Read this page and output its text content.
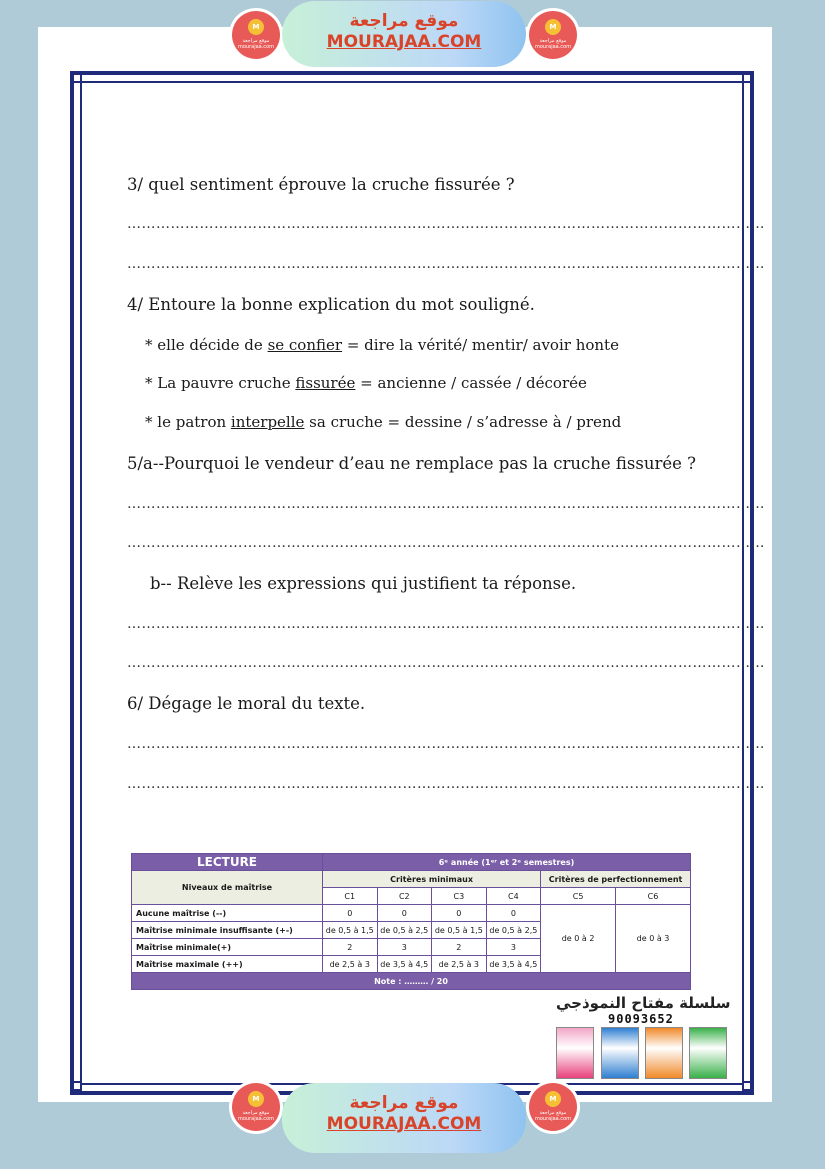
M
موقع مراجعة mourajaa.com
موقع مراجعة
MOURAJAA.COM
M
موقع مراجعة mourajaa.com
3/ quel sentiment éprouve la cruche fissurée ?
……………………………………………………………………………………………………………………
……………………………………………………………………………………………………………………
4/ Entoure la bonne explication du mot souligné.
* elle décide de se confier = dire la vérité/ mentir/ avoir honte
* La pauvre cruche fissurée = ancienne / cassée / décorée
* le patron interpelle sa cruche = dessine / s’adresse à / prend
5/a--Pourquoi le vendeur d’eau ne remplace pas la cruche fissurée ?
……………………………………………………………………………………………………………………
……………………………………………………………………………………………………………………
b-- Relève les expressions qui justifient ta réponse.
……………………………………………………………………………………………………………………
……………………………………………………………………………………………………………………
6/ Dégage le moral du texte.
……………………………………………………………………………………………………………………
……………………………………………………………………………………………………………………
LECTURE	6ᵉ année (1ᵉʳ et 2ᵉ semestres)					
Niveaux de maîtrise	Critères minimaux				Critères de perfectionnement	
	C1	C2	C3	C4	C5	C6
Aucune maîtrise (--)	0	0	0	0	de 0 à 2	de 0 à 3
Maîtrise minimale insuffisante (+-)	de 0,5 à 1,5	de 0,5 à 2,5	de 0,5 à 1,5	de 0,5 à 2,5		
Maîtrise minimale(+)	2	3	2	3		
Maîtrise maximale (++)	de 2,5 à 3	de 3,5 à 4,5	de 2,5 à 3	de 3,5 à 4,5		
Note : ……… / 20						
سلسلة مفتاح النموذجي
90093652
M
موقع مراجعة mourajaa.com
موقع مراجعة
MOURAJAA.COM
M
موقع مراجعة mourajaa.com
